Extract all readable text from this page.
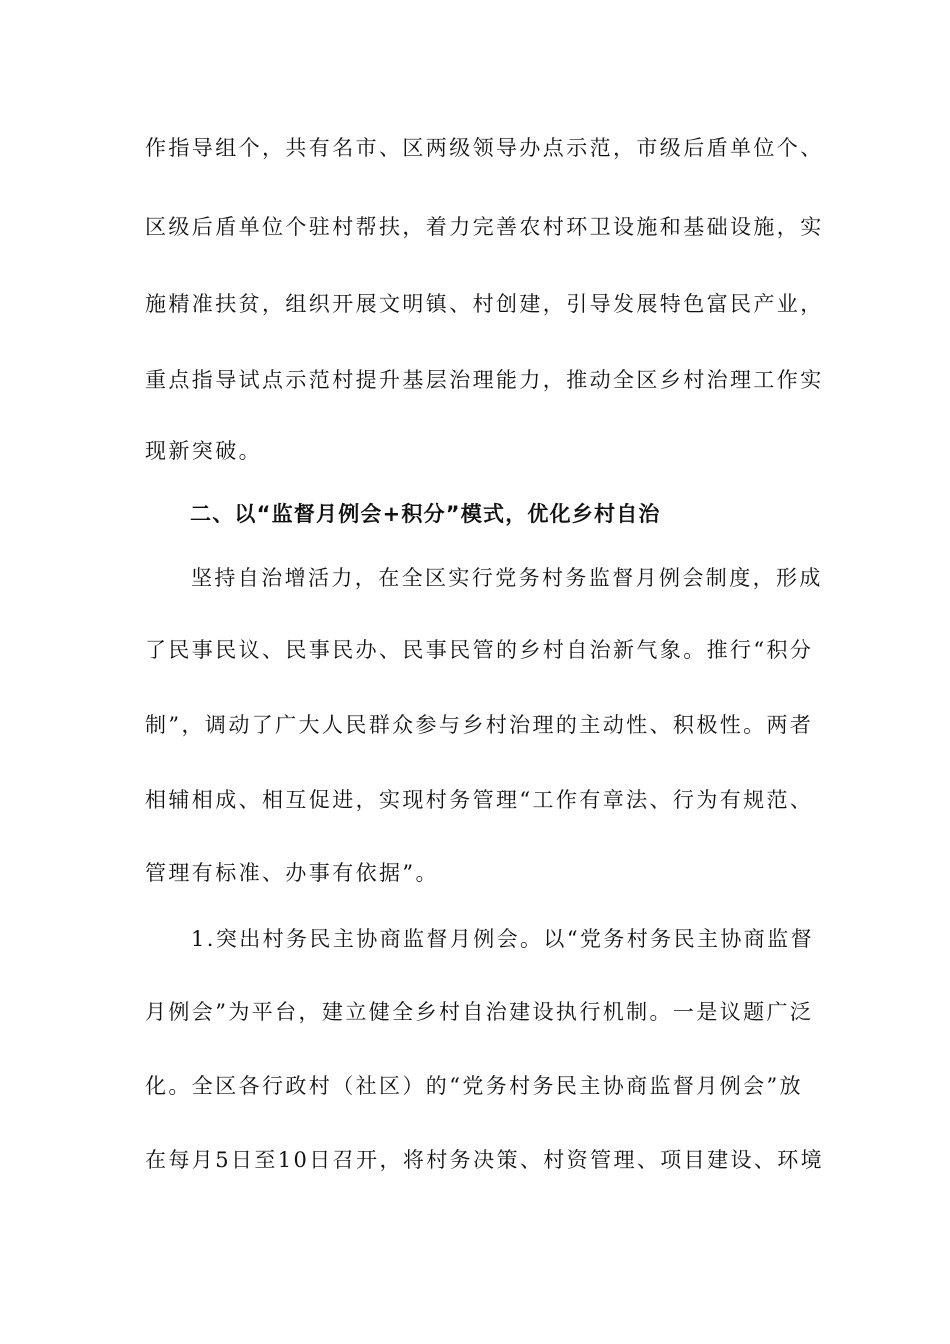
作指导组个，共有名市、区两级领导办点示范，市级后盾单位个、
区级后盾单位个驻村帮扶，着力完善农村环卫设施和基础设施，实
施精准扶贫，组织开展文明镇、村创建，引导发展特色富民产业，
重点指导试点示范村提升基层治理能力，推动全区乡村治理工作实
现新突破。
二、以“监督月例会+积分”模式，优化乡村自治
坚持自治增活力，在全区实行党务村务监督月例会制度，形成
了民事民议、民事民办、民事民管的乡村自治新气象。推行“积分
制”，调动了广大人民群众参与乡村治理的主动性、积极性。两者
相辅相成、相互促进，实现村务管理“工作有章法、行为有规范、
管理有标准、办事有依据”。
1.突出村务民主协商监督月例会。以“党务村务民主协商监督
月例会”为平台，建立健全乡村自治建设执行机制。一是议题广泛
化。全区各行政村（社区）的“党务村务民主协商监督月例会”放
在每月5日至10日召开，将村务决策、村资管理、项目建设、环境
